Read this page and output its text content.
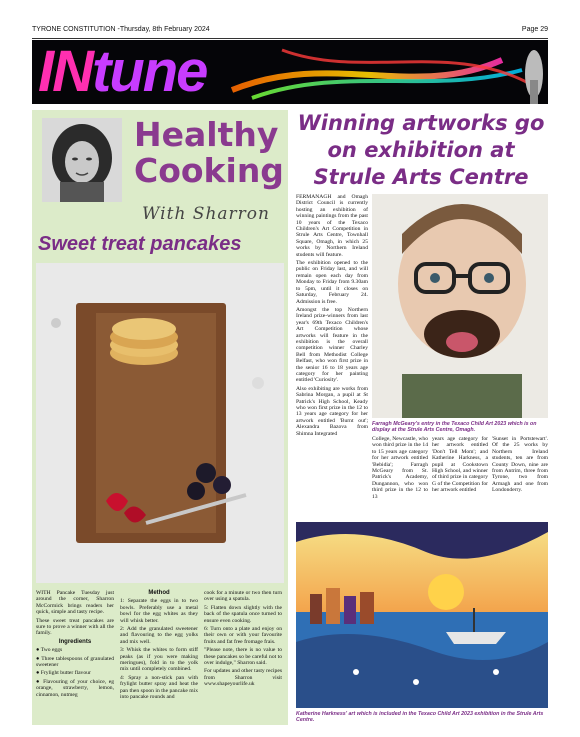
TYRONE CONSTITUTION -Thursday, 8th February 2024	Page 29
INtune
Healthy
Cooking
With Sharron
Sweet treat pancakes

WITH Pancake Tuesday just around the corner, Sharron McCormick brings readers her quick, simple and tasty recipe.

These sweet treat pancakes are sure to prove a winner with all the family.

Ingredients

● Two eggs

● Three tablespoons of granulated sweetener

● Frylight butter flavour

● Flavouring of your choice, eg orange, strawberry, lemon, cinnamon, nutmeg

Method

1: Separate the eggs in to two bowls. Preferably use a metal bowl for the egg whites as they will whisk better.

2: Add the granulated sweetener and flavouring to the egg yolks and mix well.

3: Whisk the whites to form stiff peaks (as if you were making meringues), fold in to the yolk mix until completely combined.

4: Spray a non-stick pan with frylight butter spray and heat the pan then spoon in the pancake mix into pancake rounds and

cook for a minute or two then turn over using a spatula.

5: Flatten down slightly with the back of the spatula once turned to ensure even cooking.

6: Turn onto a plate and enjoy on their own or with your favourite fruits and fat free fromage frais.

"Please note, there is no value to these pancakes so be careful not to over indulge," Sharron said.

For updates and other tasty recipes from Sharron visit www.shapeyourlife.uk

Winning artworks go
on exhibition at
Strule Arts Centre

FERMANAGH and Omagh District Council is currently hosting an exhibition of winning paintings from the past 10 years of the Texaco Children's Art Competition in Strule Arts Centre, Townhall Square, Omagh, in which 25 works by Northern Ireland students will feature.

The exhibition opened to the public on Friday last, and will remain open each day from Monday to Friday from 9.30am to 5pm, until it closes on Saturday, February 24. Admission is free.

Amongst the top Northern Ireland prize-winners from last year's 69th Texaco Children's Art Competition whose artworks will feature in the exhibition is the overall competition winner Charley Bell from Methodist College Belfast, who won first prize in the senior 16 to 18 years age category for her painting entitled 'Curiosity'.

Also exhibiting are works from Sabrina Morgan, a pupil at St Patrick's High School, Keady who won first prize in the 12 to 13 years age category for her artwork entitled 'Burnt out'; Alexandra Bazova from Shimna Integrated

Farragh McGeary's entry in the Texaco Child Art 2023 which is on display at the Strule Arts Centre, Omagh.
College, Newcastle, who won third prize in the 14 to 15 years age category for her artwork entitled 'Bebidia'; Farragh McGeary from St. Patrick's Academy, Dungannon, who won third prize in the 12 to 13
years age category for her artwork entitled 'Don't Tell Mom'; and Katherine Harkness, a pupil at Cookstown High School, and winner of third prize in category G of the Competition for her artwork entitled
'Sunset in Portstewart'. Of the 25 works by Northern Ireland students, ten are from County Down, nine are from Antrim, three from Tyrone, two from Armagh and one from Londonderry.
Katherine Harkness' art which is included in the Texaco Child Art 2023 exhibition in the Strule Arts Centre.
